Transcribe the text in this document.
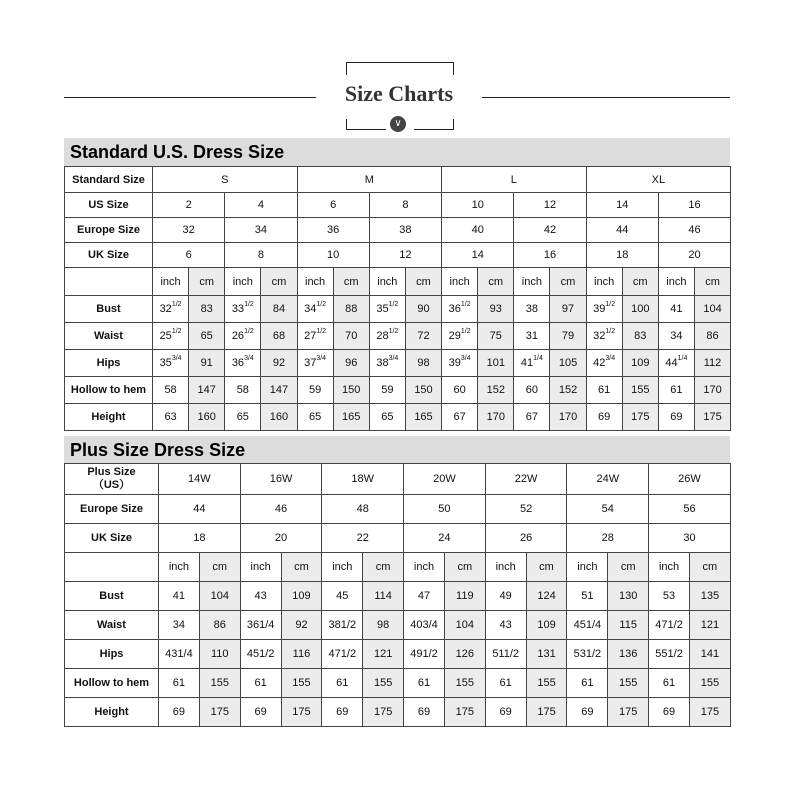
Size Charts
∨
Standard U.S. Dress Size
Standard Size	S				M				L				XL			
US Size	2		4		6		8		10		12		14		16	
Europe Size	32		34		36		38		40		42		44		46	
UK Size	6		8		10		12		14		16		18		20	
	inch	cm	inch	cm	inch	cm	inch	cm	inch	cm	inch	cm	inch	cm	inch	cm
Bust	$32^{1/2}$	83	$33^{1/2}$	84	$34^{1/2}$	88	$35^{1/2}$	90	$36^{1/2}$	93	38	97	$39^{1/2}$	100	41	104
Waist	$25^{1/2}$	65	$26^{1/2}$	68	$27^{1/2}$	70	$28^{1/2}$	72	$29^{1/2}$	75	31	79	$32^{1/2}$	83	34	86
Hips	$35^{3/4}$	91	$36^{3/4}$	92	$37^{3/4}$	96	$38^{3/4}$	98	$39^{3/4}$	101	$41^{1/4}$	105	$42^{3/4}$	109	$44^{1/4}$	112
Hollow to hem	58	147	58	147	59	150	59	150	60	152	60	152	61	155	61	170
Height	63	160	65	160	65	165	65	165	67	170	67	170	69	175	69	175
Plus Size Dress Size
Plus Size
（US）	14W		16W		18W		20W		22W		24W		26W	
Europe Size	44		46		48		50		52		54		56	
UK Size	18		20		22		24		26		28		30	
	inch	cm	inch	cm	inch	cm	inch	cm	inch	cm	inch	cm	inch	cm
Bust	41	104	43	109	45	114	47	119	49	124	51	130	53	135
Waist	34	86	361/4	92	381/2	98	403/4	104	43	109	451/4	115	471/2	121
Hips	431/4	110	451/2	116	471/2	121	491/2	126	511/2	131	531/2	136	551/2	141
Hollow to hem	61	155	61	155	61	155	61	155	61	155	61	155	61	155
Height	69	175	69	175	69	175	69	175	69	175	69	175	69	175
